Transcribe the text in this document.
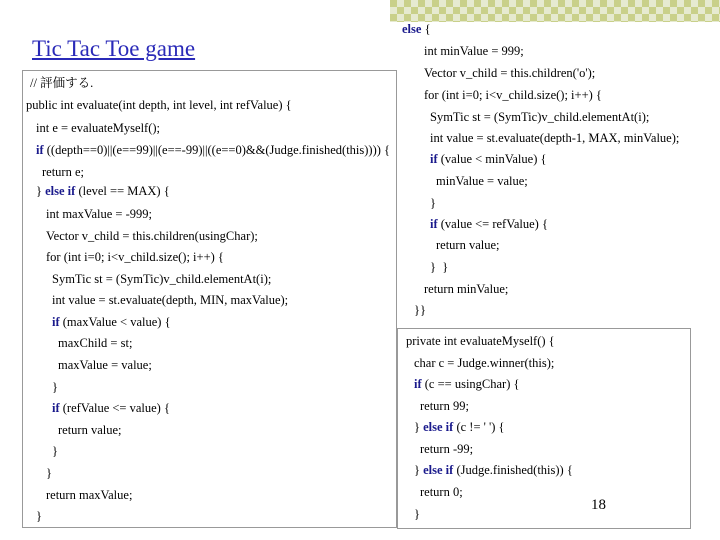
Tic Tac Toe game
// 評価する.
public int evaluate(int depth, int level, int refValue) {
int e = evaluateMyself();
if ((depth==0)||(e==99)||(e==-99)||((e==0)&&(Judge.finished(this)))) {
return e;
} else if (level == MAX) {
int maxValue = -999;
Vector v_child = this.children(usingChar);
for (int i=0; i<v_child.size(); i++) {
SymTic st = (SymTic)v_child.elementAt(i);
int value = st.evaluate(depth, MIN, maxValue);
if (maxValue < value) {
maxChild = st;
maxValue = value;
}
if (refValue <= value) {
return value;
}
}
return maxValue;
}
else {
int minValue = 999;
Vector v_child = this.children('o');
for (int i=0; i<v_child.size(); i++) {
SymTic st = (SymTic)v_child.elementAt(i);
int value = st.evaluate(depth-1, MAX, minValue);
if (value < minValue) {
minValue = value;
}
if (value <= refValue) {
return value;
}  }
return minValue;
}}
private int evaluateMyself() {
char c = Judge.winner(this);
if (c == usingChar) {
return 99;
} else if (c != ' ') {
return -99;
} else if (Judge.finished(this)) {
return 0;
}
18
